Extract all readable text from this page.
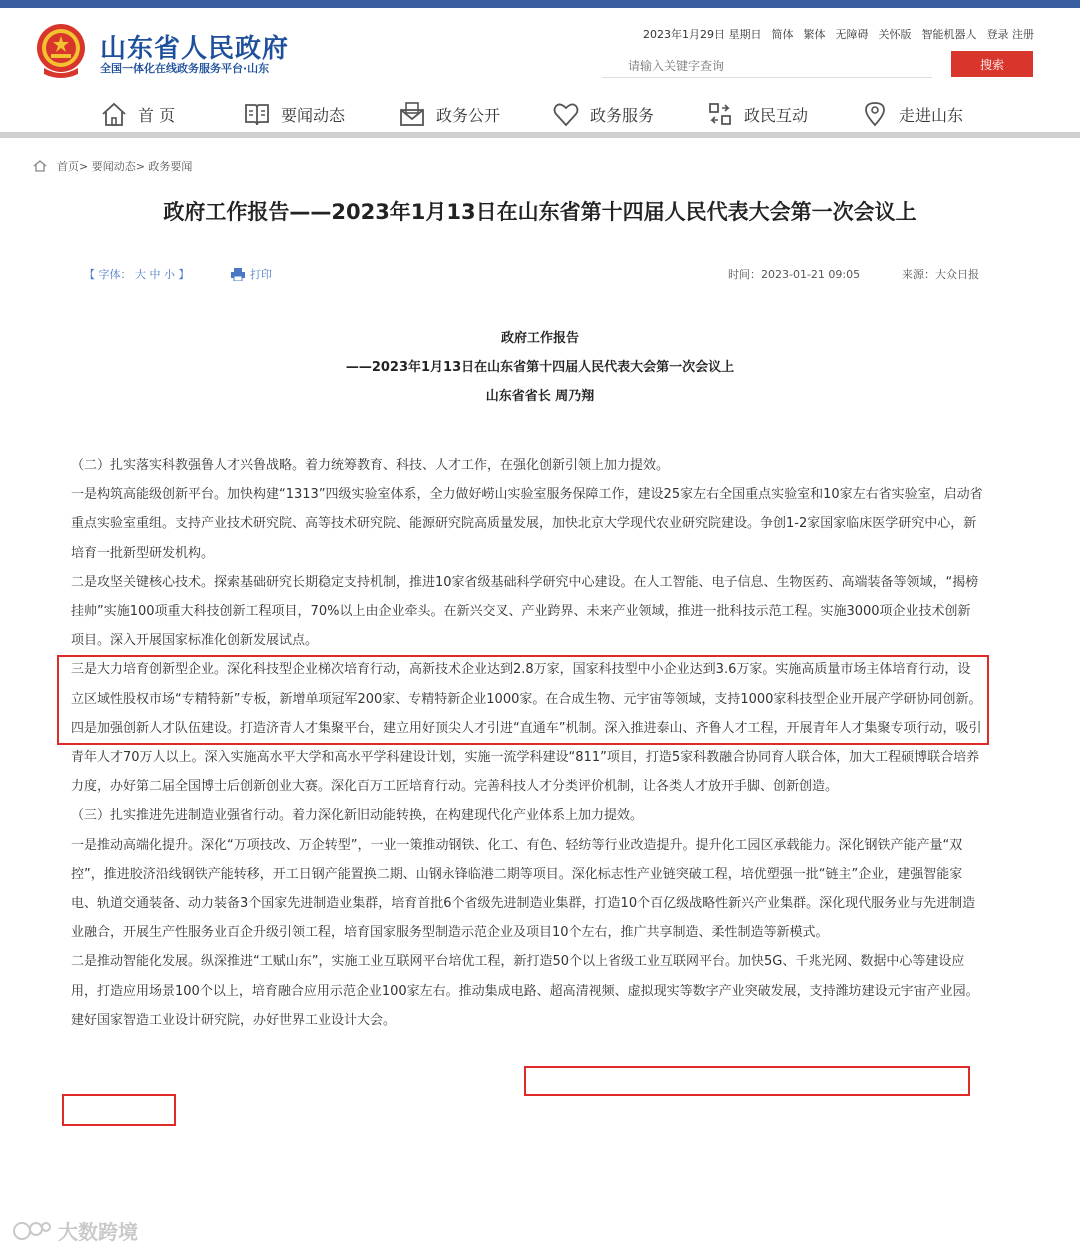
山东省人民政府
全国一体化在线政务服务平台·山东
2023年1月29日 星期日 简体 繁体 无障碍 关怀版 智能机器人 登录 注册
请输入关键字查询
搜索
首 页	要闻动态	政务公开	政务服务	政民互动	走进山东
首页> 要闻动态> 政务要闻
政府工作报告——2023年1月13日在山东省第十四届人民代表大会第一次会议上
【 字体： 大 中 小 】	打印	时间：2023-01-21 09:05	来源：大众日报
政府工作报告
——2023年1月13日在山东省第十四届人民代表大会第一次会议上
山东省省长 周乃翔

（二）扎实落实科教强鲁人才兴鲁战略。着力统筹教育、科技、人才工作，在强化创新引领上加力提效。

一是构筑高能级创新平台。加快构建“1313”四级实验室体系，全力做好崂山实验室服务保障工作，建设25家左右全国重点实验室和10家左右省实验室，启动省重点实验室重组。支持产业技术研究院、高等技术研究院、能源研究院高质量发展，加快北京大学现代农业研究院建设。争创1-2家国家临床医学研究中心，新培育一批新型研发机构。

二是攻坚关键核心技术。探索基础研究长期稳定支持机制，推进10家省级基础科学研究中心建设。在人工智能、电子信息、生物医药、高端装备等领域，“揭榜挂帅”实施100项重大科技创新工程项目，70%以上由企业牵头。在新兴交叉、产业跨界、未来产业领域，推进一批科技示范工程。实施3000项企业技术创新项目。深入开展国家标准化创新发展试点。

三是大力培育创新型企业。深化科技型企业梯次培育行动，高新技术企业达到2.8万家，国家科技型中小企业达到3.6万家。实施高质量市场主体培育行动，设立区域性股权市场“专精特新”专板，新增单项冠军200家、专精特新企业1000家。在合成生物、元宇宙等领域，支持1000家科技型企业开展产学研协同创新。

四是加强创新人才队伍建设。打造济青人才集聚平台，建立用好顶尖人才引进“直通车”机制。深入推进泰山、齐鲁人才工程，开展青年人才集聚专项行动，吸引青年人才70万人以上。深入实施高水平大学和高水平学科建设计划，实施一流学科建设“811”项目，打造5家科教融合协同育人联合体，加大工程硕博联合培养力度，办好第二届全国博士后创新创业大赛。深化百万工匠培育行动。完善科技人才分类评价机制，让各类人才放开手脚、创新创造。

（三）扎实推进先进制造业强省行动。着力深化新旧动能转换，在构建现代化产业体系上加力提效。

一是推动高端化提升。深化“万项技改、万企转型”，一业一策推动钢铁、化工、有色、轻纺等行业改造提升。提升化工园区承载能力。深化钢铁产能产量“双控”，推进胶济沿线钢铁产能转移，开工日钢产能置换二期、山钢永锋临港二期等项目。深化标志性产业链突破工程，培优塑强一批“链主”企业，建强智能家电、轨道交通装备、动力装备3个国家先进制造业集群，培育首批6个省级先进制造业集群，打造10个百亿级战略性新兴产业集群。深化现代服务业与先进制造业融合，开展生产性服务业百企升级引领工程，培育国家服务型制造示范企业及项目10个左右，推广共享制造、柔性制造等新模式。

二是推动智能化发展。纵深推进“工赋山东”，实施工业互联网平台培优工程，新打造50个以上省级工业互联网平台。加快5G、千兆光网、数据中心等建设应用，打造应用场景100个以上，培育融合应用示范企业100家左右。推动集成电路、超高清视频、虚拟现实等数字产业突破发展，支持潍坊建设元宇宙产业园。建好国家智造工业设计研究院，办好世界工业设计大会。

大数跨境
